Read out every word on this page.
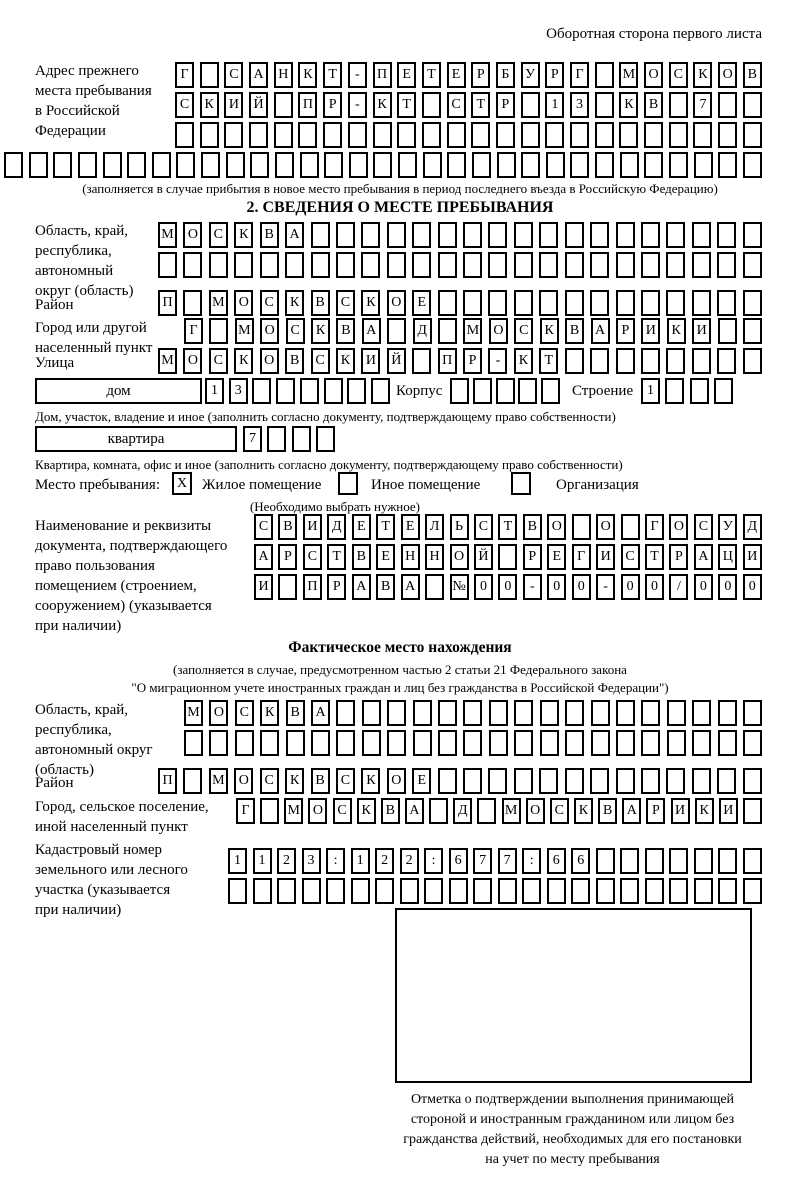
Оборотная сторона первого листа
Адрес прежнего
места пребывания
в Российской
Федерации
Г	С	А	Н	К	Т	-	П	Е	Т	Е	Р	Б	У	Р	Г	М О	С	К	О	В
С	К	И	Й	П	Р	-	К	Т	С	Т	Р	1	3	К	В	7
(заполняется в случае прибытия в новое место пребывания в период последнего въезда в Российскую Федерацию)
2. СВЕДЕНИЯ О МЕСТЕ ПРЕБЫВАНИЯ
Область, край,
республика,
автономный
округ (область)
М	О	С	К	В	А
Район	П	М	О	С	К	В	С	К	О	Е
Город или другой
населенный пункт
Г	М	О	С	К	В	А	Д	М	О	С	К	В	А	Р	И	К	И
Улица	М	О	С	К	О	В	С	К	И	Й	П	Р	-	К	Т
дом	1	3	Корпус	Строение 1
Дом, участок, владение и иное (заполнить согласно документу, подтверждающему право собственности)
квартира	7
Квартира, комната, офис и иное (заполнить согласно документу, подтверждающему право собственности)
Место пребывания:	X Жилое помещение	Иное помещение	Организация
(Необходимо выбрать нужное)
Наименование и реквизиты
документа, подтверждающего
право пользования
помещением (строением,
сооружением) (указывается
при наличии)
С	В	И	Д	Е	Т	Е	Л	Ь	С	Т	В	О	О	Г	О	С	У	Д
А	Р	С	Т	В	Е	Н	Н	О	Й	Р	Е	Г	И	С	Т	Р	А	Ц	И
И	П	Р	А	В	А	№	0	0	-	0	0	-	0	0	/	0	0	0
Фактическое место нахождения
(заполняется в случае, предусмотренном частью 2 статьи 21 Федерального закона
"О миграционном учете иностранных граждан и лиц без гражданства в Российской Федерации")
Область, край,
республика,
автономный округ
(область)
М	О	С	К	В	А
Район	П	М	О	С	К	В	С	К	О	Е
Город, сельское поселение,
иной населенный пункт
Г	М О	С	К	В	А	Д	М О	С	К	В	А	Р	И	К	И
Кадастровый номер
земельного или лесного
участка (указывается
при наличии)
1	1	2	3	:	1	2	2	:	6	7	7	:	6	6
Отметка о подтверждении выполнения принимающей
стороной и иностранным гражданином или лицом без
гражданства действий, необходимых для его постановки
на учет по месту пребывания
